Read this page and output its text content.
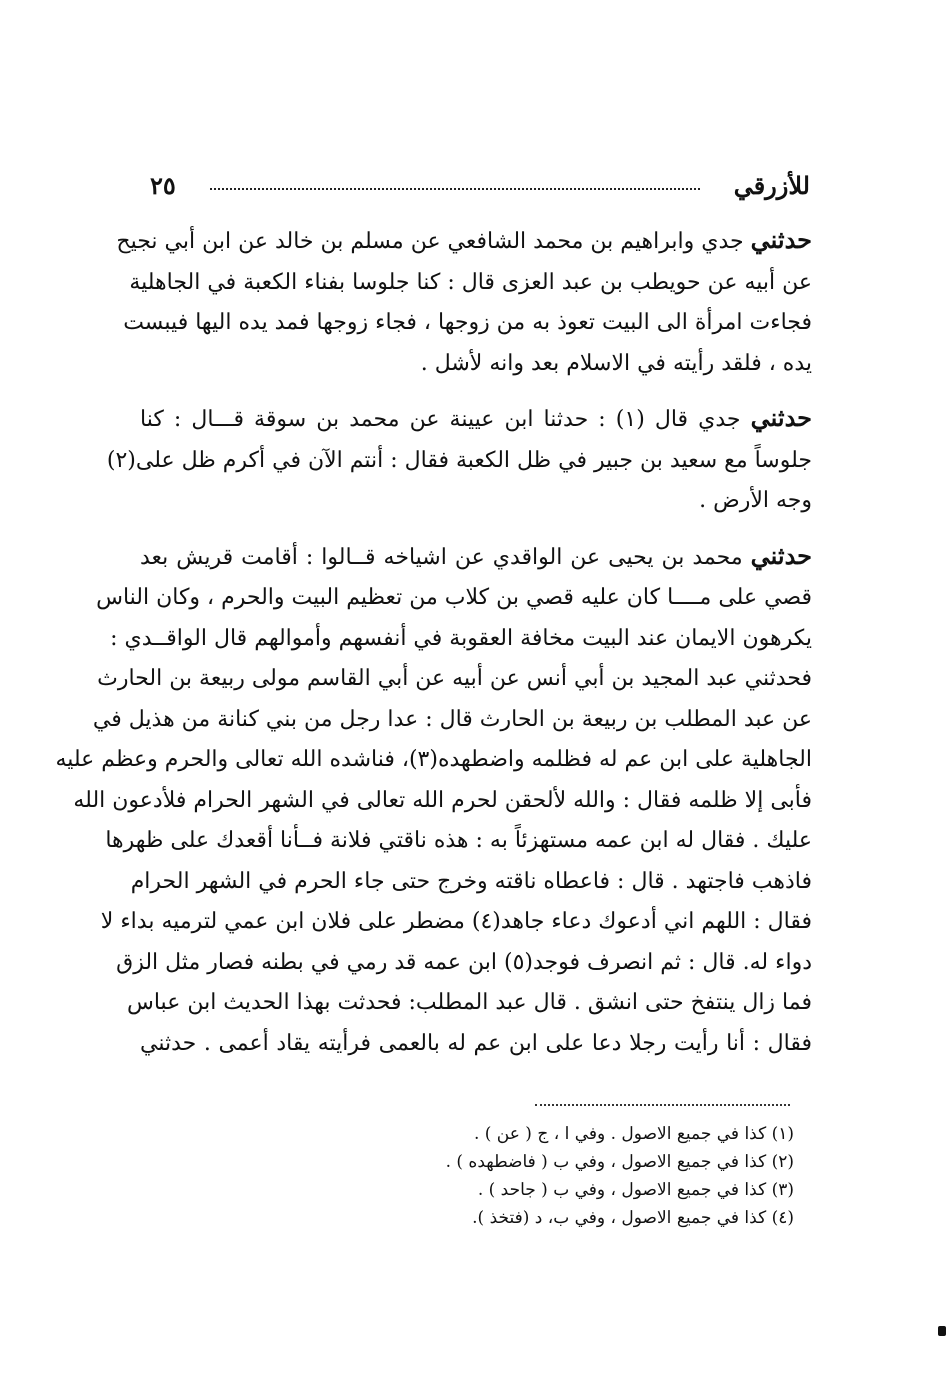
للأزرقي
٢٥
حدثني جدي وابراهيم بن محمد الشافعي عن مسلم بن خالد عن ابن أبي نجيح
عن أبيه عن حويطب بن عبد العزى قال : كنا جلوسا بفناء الكعبة في الجاهلية
فجاءت امرأة الى البيت تعوذ به من زوجها ، فجاء زوجها فمد يده اليها فيبست
يده ، فلقد رأيته في الاسلام بعد وانه لأشل .
حدثني جدي قال (١) : حدثنا ابن عيينة عن محمد بن سوقة قـــال : كنا
جلوساً مع سعيد بن جبير في ظل الكعبة فقال : أنتم الآن في أكرم ظل على(٢)
وجه الأرض .
حدثني محمد بن يحيى عن الواقدي عن اشياخه قــالوا : أقامت قريش بعد
قصي على مــــا كان عليه قصي بن كلاب من تعظيم البيت والحرم ، وكان الناس
يكرهون الايمان عند البيت مخافة العقوبة في أنفسهم وأموالهم قال الواقــدي :
فحدثني عبد المجيد بن أبي أنس عن أبيه عن أبي القاسم مولى ربيعة بن الحارث
عن عبد المطلب بن ربيعة بن الحارث قال : عدا رجل من بني كنانة من هذيل في
الجاهلية على ابن عم له فظلمه واضطهده(٣)، فناشده الله تعالى والحرم وعظم عليه
فأبى إلا ظلمه فقال : والله لألحقن لحرم الله تعالى في الشهر الحرام فلأدعون الله
عليك . فقال له ابن عمه مستهزئاً به : هذه ناقتي فلانة فــأنا أقعدك على ظهرها
فاذهب فاجتهد . قال : فاعطاه ناقته وخرج حتى جاء الحرم في الشهر الحرام
فقال : اللهم اني أدعوك دعاء جاهد(٤) مضطر على فلان ابن عمي لترميه بداء لا
دواء له. قال : ثم انصرف فوجد(٥) ابن عمه قد رمي في بطنه فصار مثل الزق
فما زال ينتفخ حتى انشق . قال عبد المطلب: فحدثت بهذا الحديث ابن عباس
فقال : أنا رأيت رجلا دعا على ابن عم له بالعمى فرأيته يقاد أعمى . حدثني
(١) كذا في جميع الاصول . وفي ا ، ج ( عن ) .
(٢) كذا في جميع الاصول ، وفي ب ( فاضطهده ) .
(٣) كذا في جميع الاصول ، وفي ب ( جاحد ) .
(٤) كذا في جميع الاصول ، وفي ب، د (فتخذ ).
